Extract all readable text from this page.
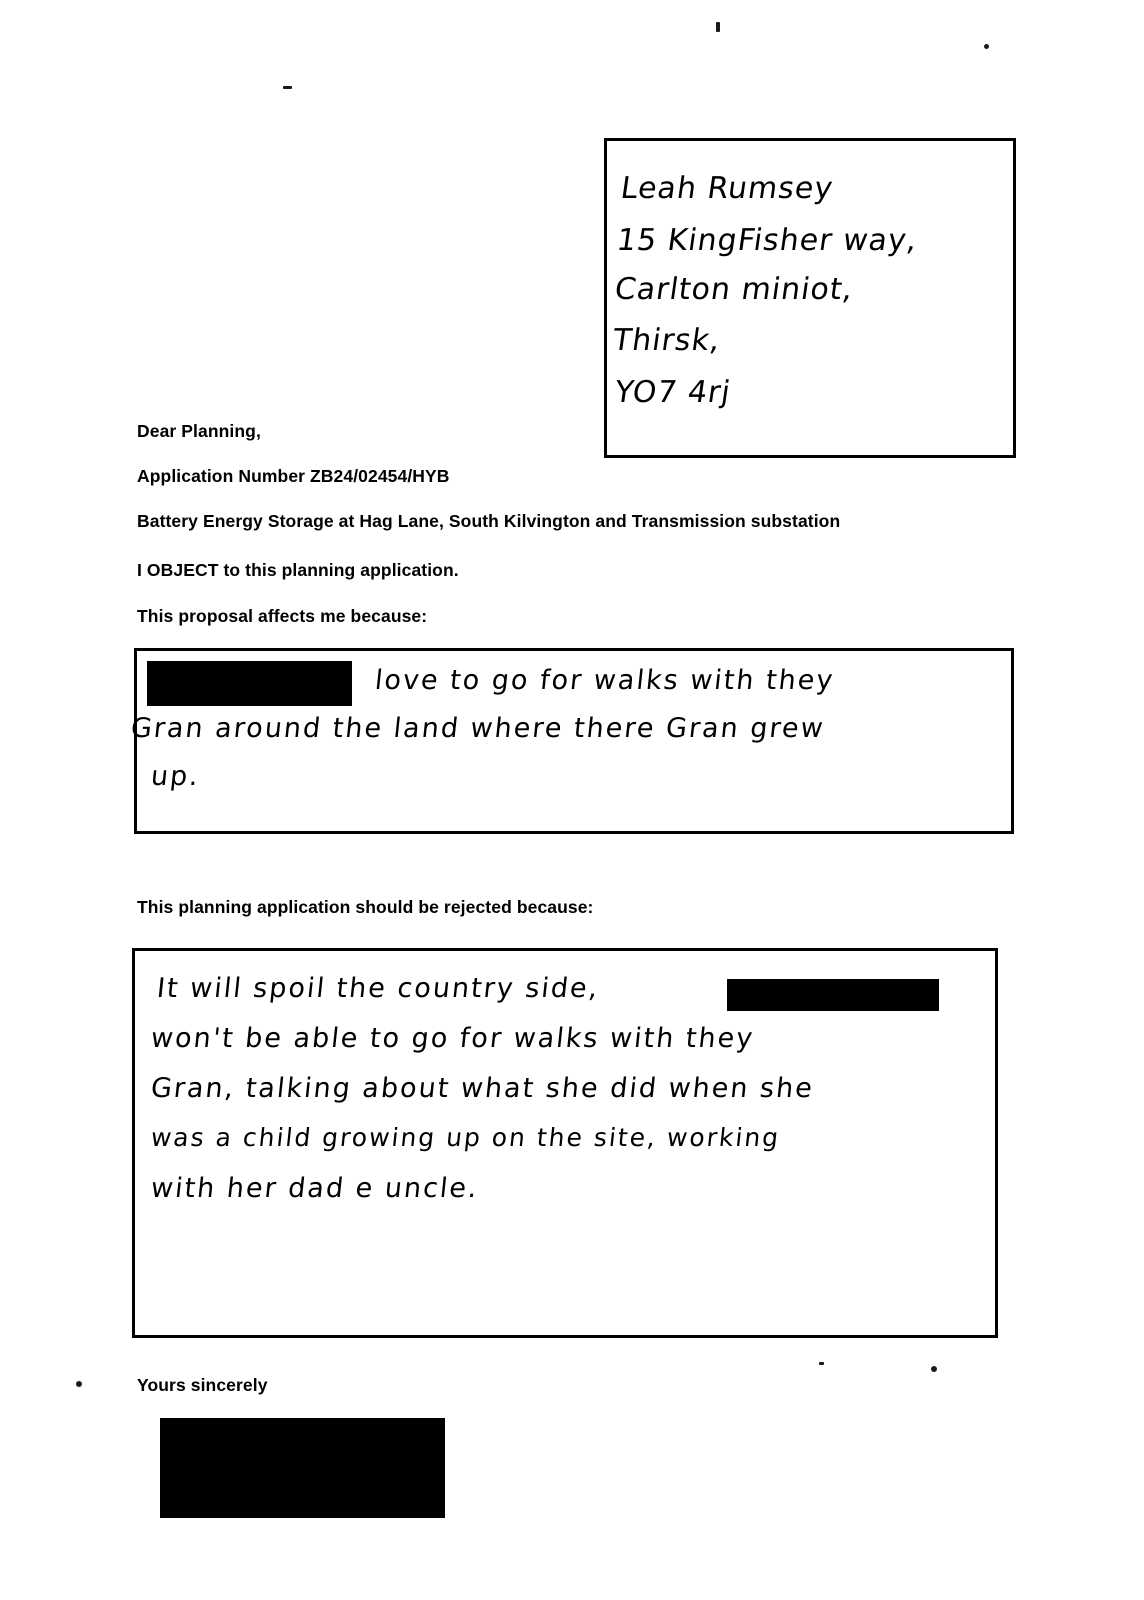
Leah Rumsey
15 KingFisher way,
Carlton miniot,
Thirsk,
YO7 4rj
Dear Planning,
Application Number ZB24/02454/HYB
Battery Energy Storage at Hag Lane, South Kilvington and Transmission substation
I OBJECT to this planning application.
This proposal affects me because:
love to go for walks with they
Gran around the land where there Gran grew
up.
This planning application should be rejected because:
It will spoil the country side,
won't be able to go for walks with they
Gran, talking about what she did when she
was a child growing up on the site, working
with her dad e uncle.
Yours sincerely
